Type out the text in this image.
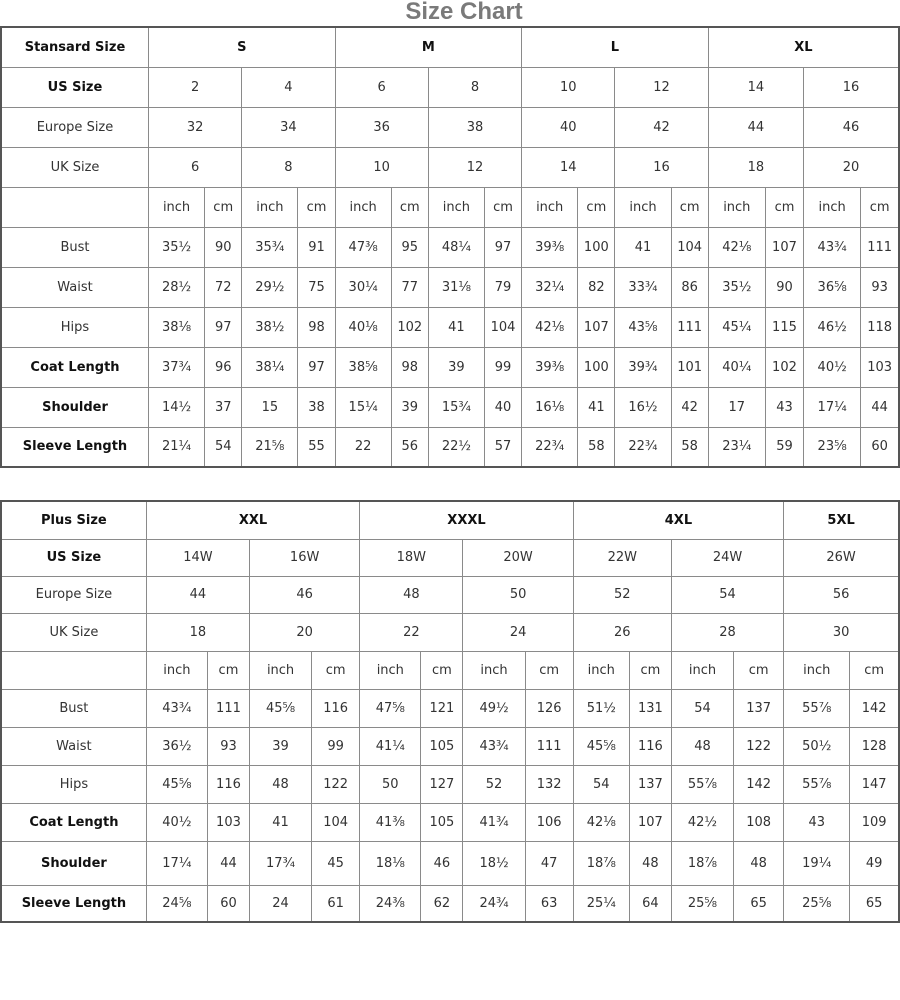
Size Chart
Stansard Size	S				M				L				XL			
US Size	2		4		6		8		10		12		14		16	
Europe Size	32		34		36		38		40		42		44		46	
UK Size	6		8		10		12		14		16		18		20	
	inch	cm	inch	cm	inch	cm	inch	cm	inch	cm	inch	cm	inch	cm	inch	cm
Bust	35½	90	35¾	91	47⅜	95	48¼	97	39⅜	100	41	104	42⅛	107	43¾	111
Waist	28½	72	29½	75	30¼	77	31⅛	79	32¼	82	33¾	86	35½	90	36⅝	93
Hips	38⅛	97	38½	98	40⅛	102	41	104	42⅛	107	43⅝	111	45¼	115	46½	118
Coat Length	37¾	96	38¼	97	38⅝	98	39	99	39⅜	100	39¾	101	40¼	102	40½	103
Shoulder	14½	37	15	38	15¼	39	15¾	40	16⅛	41	16½	42	17	43	17¼	44
Sleeve Length	21¼	54	21⅝	55	22	56	22½	57	22¾	58	22¾	58	23¼	59	23⅝	60
Plus Size	XXL				XXXL				4XL				5XL	
US Size	14W		16W		18W		20W		22W		24W		26W	
Europe Size	44		46		48		50		52		54		56	
UK Size	18		20		22		24		26		28		30	
	inch	cm	inch	cm	inch	cm	inch	cm	inch	cm	inch	cm	inch	cm
Bust	43¾	111	45⅝	116	47⅝	121	49½	126	51½	131	54	137	55⅞	142
Waist	36½	93	39	99	41¼	105	43¾	111	45⅝	116	48	122	50½	128
Hips	45⅝	116	48	122	50	127	52	132	54	137	55⅞	142	55⅞	147
Coat Length	40½	103	41	104	41⅜	105	41¾	106	42⅛	107	42½	108	43	109
Shoulder	17¼	44	17¾	45	18⅛	46	18½	47	18⅞	48	18⅞	48	19¼	49
Sleeve Length	24⅝	60	24	61	24⅜	62	24¾	63	25¼	64	25⅝	65	25⅝	65
